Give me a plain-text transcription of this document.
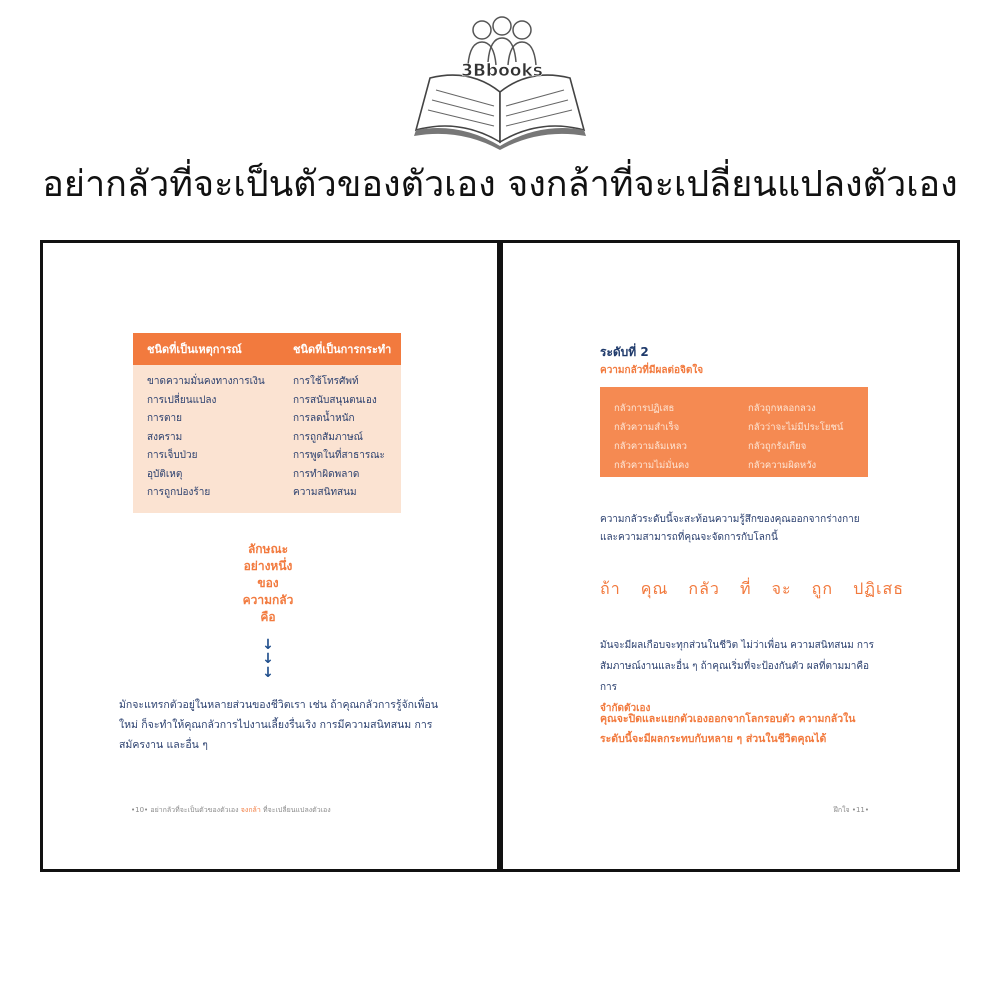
3Bbooks
อย่ากลัวที่จะเป็นตัวของตัวเอง จงกล้าที่จะเปลี่ยนแปลงตัวเอง
ชนิดที่เป็นเหตุการณ์	ชนิดที่เป็นการกระทำ
ขาดความมั่นคงทางการเงิน
การเปลี่ยนแปลง
การตาย
สงคราม
การเจ็บป่วย
อุบัติเหตุ
การถูกปองร้าย
การใช้โทรศัพท์
การสนับสนุนตนเอง
การลดน้ำหนัก
การถูกสัมภาษณ์
การพูดในที่สาธารณะ
การทำผิดพลาด
ความสนิทสนม
ลักษณะ
อย่างหนึ่ง
ของ
ความกลัว
คือ
↓
↓
↓
มักจะแทรกตัวอยู่ในหลายส่วนของชีวิตเรา เช่น ถ้าคุณกลัวการรู้จักเพื่อนใหม่ ก็จะทำให้คุณกลัวการไปงานเลี้ยงรื่นเริง การมีความสนิทสนม การสมัครงาน และอื่น ๆ
•10• อย่ากลัวที่จะเป็นตัวของตัวเอง จงกล้า ที่จะเปลี่ยนแปลงตัวเอง
ระดับที่ 2
ความกลัวที่มีผลต่อจิตใจ
กลัวการปฏิเสธ
กลัวความสำเร็จ
กลัวความล้มเหลว
กลัวความไม่มั่นคง
กลัวถูกหลอกลวง
กลัวว่าจะไม่มีประโยชน์
กลัวถูกรังเกียจ
กลัวความผิดหวัง
ความกลัวระดับนี้จะสะท้อนความรู้สึกของคุณออกจากร่างกาย และความสามารถที่คุณจะจัดการกับโลกนี้
ถ้า คุณ กลัว ที่ จะ ถูก ปฏิเสธ
มันจะมีผลเกือบจะทุกส่วนในชีวิต ไม่ว่าเพื่อน ความสนิทสนม การสัมภาษณ์งานและอื่น ๆ ถ้าคุณเริ่มที่จะป้องกันตัว ผลที่ตามมาคือ การ
จำกัดตัวเอง
คุณจะปิดและแยกตัวเองออกจากโลกรอบตัว ความกลัวในระดับนี้จะมีผลกระทบกับหลาย ๆ ส่วนในชีวิตคุณได้
ฝึกใจ •11•
